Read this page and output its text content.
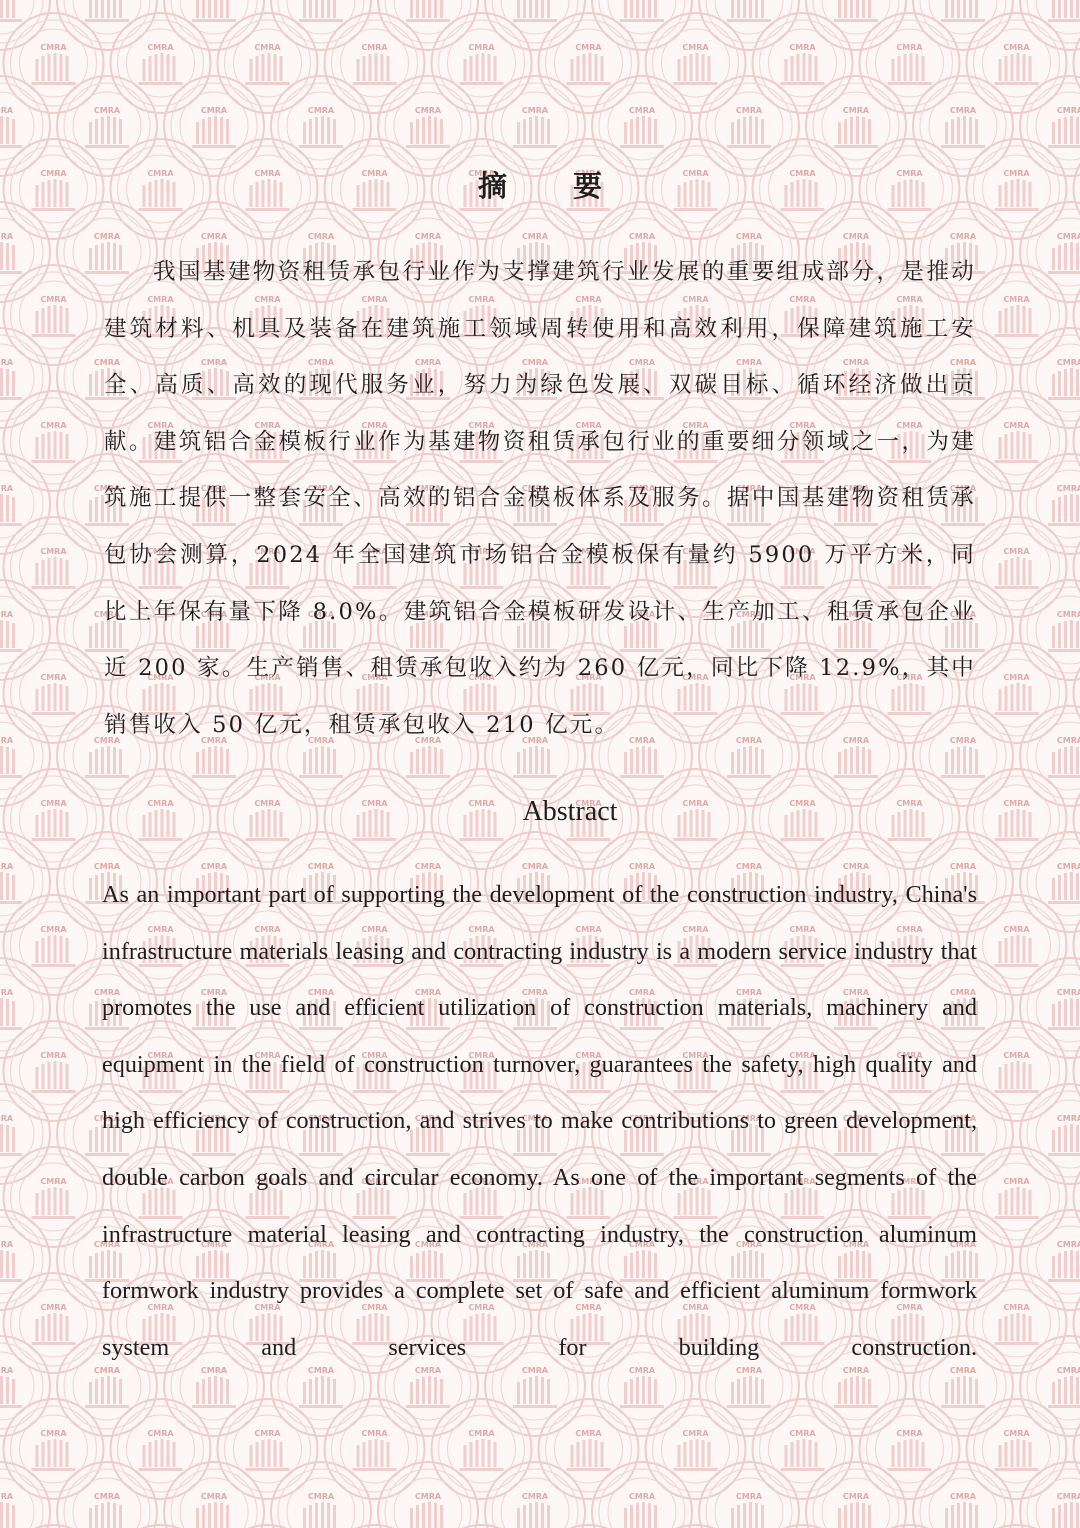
摘 要

我国基建物资租赁承包行业作为支撑建筑行业发展的重要组成部分，是推动建筑材料、机具及装备在建筑施工领域周转使用和高效利用，保障建筑施工安全、高质、高效的现代服务业，努力为绿色发展、双碳目标、循环经济做出贡献。建筑铝合金模板行业作为基建物资租赁承包行业的重要细分领域之一，为建筑施工提供一整套安全、高效的铝合金模板体系及服务。据中国基建物资租赁承包协会测算，2024 年全国建筑市场铝合金模板保有量约 5900 万平方米，同比上年保有量下降 8.0%。建筑铝合金模板研发设计、生产加工、租赁承包企业近 200 家。生产销售、租赁承包收入约为 260 亿元，同比下降 12.9%，其中销售收入 50 亿元，租赁承包收入 210 亿元。

Abstract

As an important part of supporting the development of the construction industry, China's infrastructure materials leasing and contracting industry is a modern service industry that promotes the use and efficient utilization of construction materials, machinery and equipment in the field of construction turnover, guarantees the safety, high quality and high efficiency of construction, and strives to make contributions to green development, double carbon goals and circular economy. As one of the important segments of the infrastructure material leasing and contracting industry, the construction aluminum formwork industry provides a complete set of safe and efficient aluminum formwork system and services for building construction.
